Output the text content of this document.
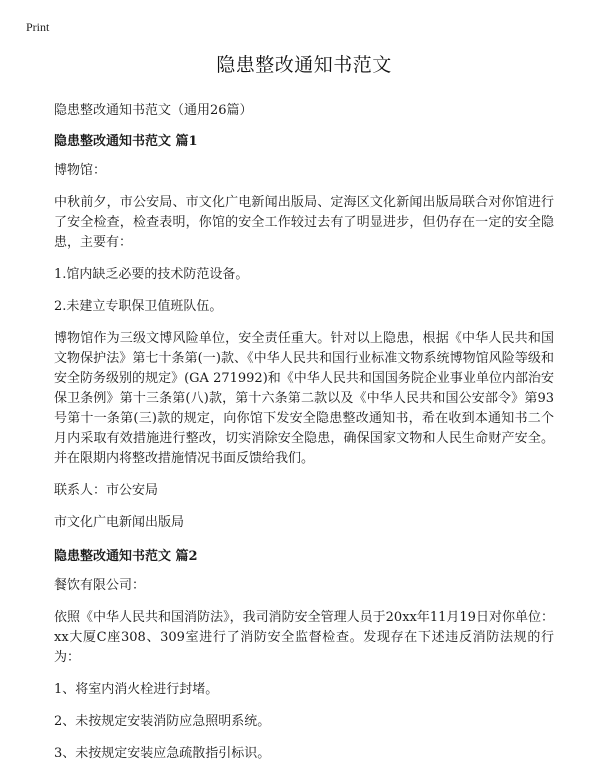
Print
隐患整改通知书范文

隐患整改通知书范文（通用26篇）

隐患整改通知书范文 篇1

博物馆：

中秋前夕，市公安局、市文化广电新闻出版局、定海区文化新闻出版局联合对你馆进行了安全检查，检查表明，你馆的安全工作较过去有了明显进步，但仍存在一定的安全隐患，主要有：

1.馆内缺乏必要的技术防范设备。

2.未建立专职保卫值班队伍。

博物馆作为三级文博风险单位，安全责任重大。针对以上隐患，根据《中华人民共和国文物保护法》第七十条第(一)款、《中华人民共和国行业标准文物系统博物馆风险等级和安全防务级别的规定》(GA 271992)和《中华人民共和国国务院企业事业单位内部治安保卫条例》第十三条第(八)款，第十六条第二款以及《中华人民共和国公安部令》第93号第十一条第(三)款的规定，向你馆下发安全隐患整改通知书，希在收到本通知书二个月内采取有效措施进行整改，切实消除安全隐患，确保国家文物和人民生命财产安全。并在限期内将整改措施情况书面反馈给我们。

联系人：市公安局

市文化广电新闻出版局

隐患整改通知书范文 篇2

餐饮有限公司：

依照《中华人民共和国消防法》，我司消防安全管理人员于20xx年11月19日对你单位：xx大厦C座308、309室进行了消防安全监督检查。发现存在下述违反消防法规的行为：

1、将室内消火栓进行封堵。

2、未按规定安装消防应急照明系统。

3、未按规定安装应急疏散指引标识。
